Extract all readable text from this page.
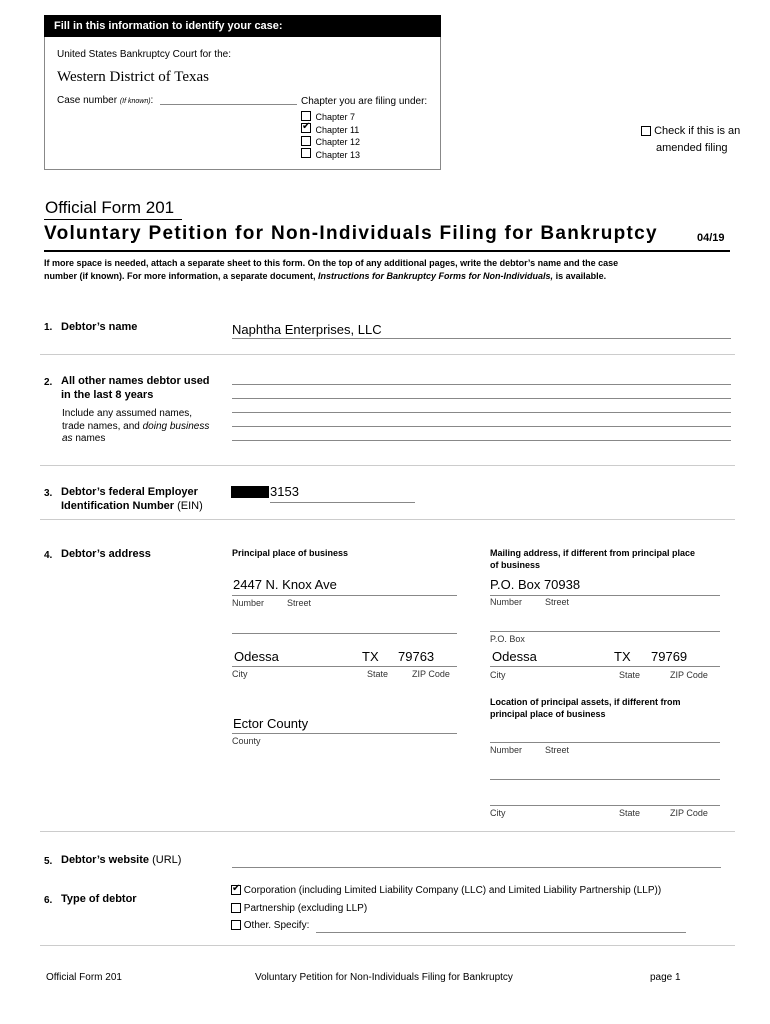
Fill in this information to identify your case:
United States Bankruptcy Court for the:
Western District of Texas
Case number (If known):	Chapter you are filing under:
Chapter 7
✔ Chapter 11
Chapter 12
Chapter 13
Check if this is an
amended filing
Official Form 201
Voluntary Petition for Non-Individuals Filing for Bankruptcy	04/19
If more space is needed, attach a separate sheet to this form. On the top of any additional pages, write the debtor’s name and the case
number (if known). For more information, a separate document, Instructions for Bankruptcy Forms for Non-Individuals, is available.
1. Debtor’s name	Naphtha Enterprises, LLC
2. All other names debtor used
in the last 8 years
Include any assumed names,
trade names, and doing business
as names
3. Debtor’s federal Employer
Identification Number (EIN)
3153
4. Debtor’s address	Principal place of business	Mailing address, if different from principal place
of business
2447 N. Knox Ave
Number	Street
P.O. Box 70938
Number	Street
P.O. Box
Odessa	TX 79763
City	State	ZIP Code
Odessa	TX 79769
City	State	ZIP Code
Ector County
County
Location of principal assets, if different from
principal place of business
Number	Street
City	State	ZIP Code
5. Debtor’s website (URL)
6. Type of debtor
✔ Corporation (including Limited Liability Company (LLC) and Limited Liability Partnership (LLP))
Partnership (excluding LLP)
Other. Specify:
Official Form 201	Voluntary Petition for Non-Individuals Filing for Bankruptcy	page 1
